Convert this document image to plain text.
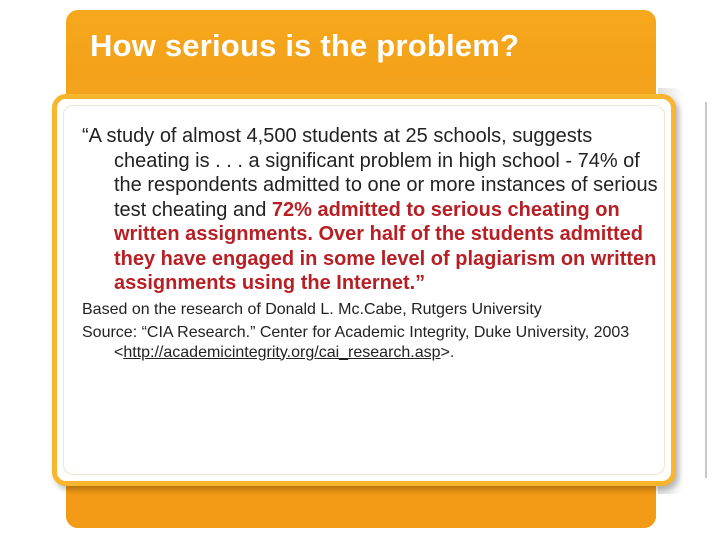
How serious is the problem?

“A study of almost 4,500 students at 25 schools, suggests cheating is . . . a significant problem in high school - 74% of the respondents admitted to one or more instances of serious test cheating and 72% admitted to serious cheating on written assignments. Over half of the students admitted they have engaged in some level of plagiarism on written assignments using the Internet.”

Based on the research of Donald L. Mc.Cabe, Rutgers University

Source: “CIA Research.” Center for Academic Integrity, Duke University, 2003 <http://academicintegrity.org/cai_research.asp>.
